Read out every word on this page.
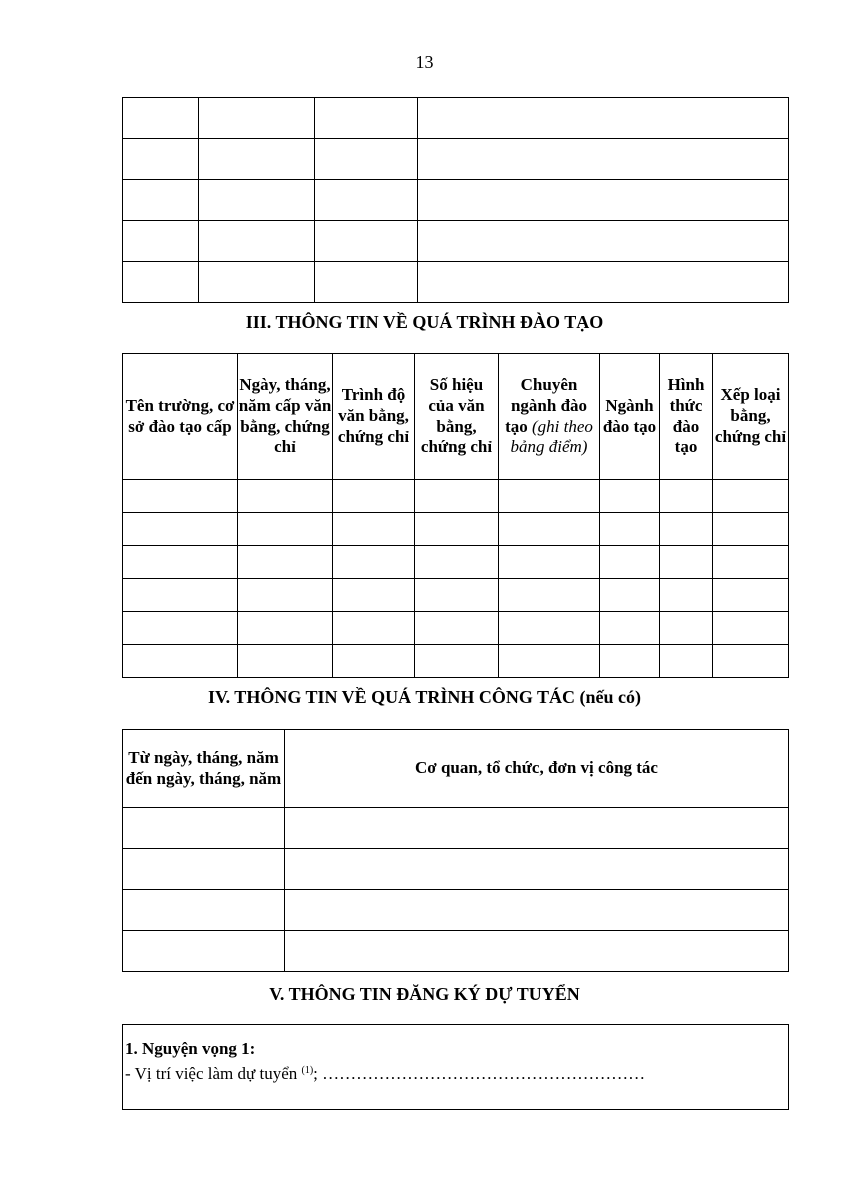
13

III. THÔNG TIN VỀ QUÁ TRÌNH ĐÀO TẠO
Tên trường, cơ sở đào tạo cấp	Ngày, tháng, năm cấp văn bằng, chứng chỉ	Trình độ văn bằng, chứng chỉ	Số hiệu của văn bằng, chứng chỉ	Chuyên ngành đào tạo (ghi theo bảng điểm)	Ngành đào tạo	Hình thức đào tạo	Xếp loại bằng, chứng chỉ

IV. THÔNG TIN VỀ QUÁ TRÌNH CÔNG TÁC (nếu có)
Từ ngày, tháng, năm đến ngày, tháng, năm	Cơ quan, tổ chức, đơn vị công tác

V. THÔNG TIN ĐĂNG KÝ DỰ TUYỂN
1. Nguyện vọng 1:
- Vị trí việc làm dự tuyển $^{(1)}$; …………………………………………………
